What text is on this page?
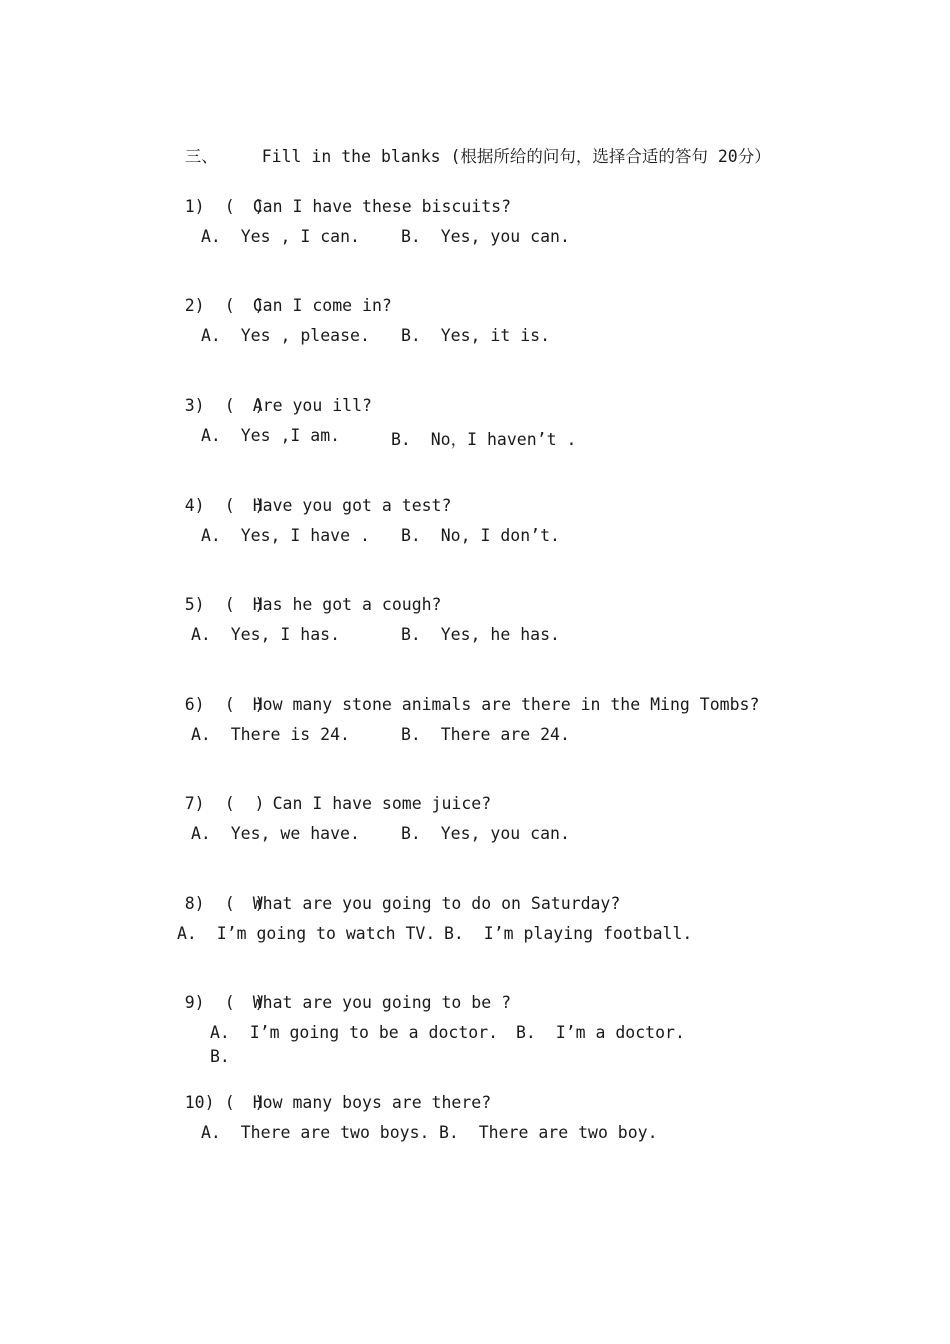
三、	Fill in the blanks (根据所给的问句，选择合适的答句 20分）

1) (  )Can I have these biscuits?

A.  Yes , I can. B.  Yes, you can.

2) (  )Can I come in?

A.  Yes , please. B.  Yes, it is.

3) (  )Are you ill?

A.  Yes ,I am.	B.  No，I haven’t .

4) (  )Have you got a test?

A.  Yes, I have . B.  No, I don’t.

5) (  )Has he got a cough?

A.  Yes, I has.	B.  Yes, he has.

6) (  )How many stone animals are there in the Ming Tombs?

A.  There is 24.	B.  There are 24.

7) (  )  Can I have some juice?

A.  Yes, we have. B.  Yes, you can.

8) (  )What are you going to do on Saturday?

A.  I’m going to watch TV. B.  I’m playing football.

9) (  )What are you going to be ?

A.  I’m going to be a doctor. B.  I’m a doctor.
B.

10) (  )How many boys are there?

A.  There are two boys. B.  There are two boy.
